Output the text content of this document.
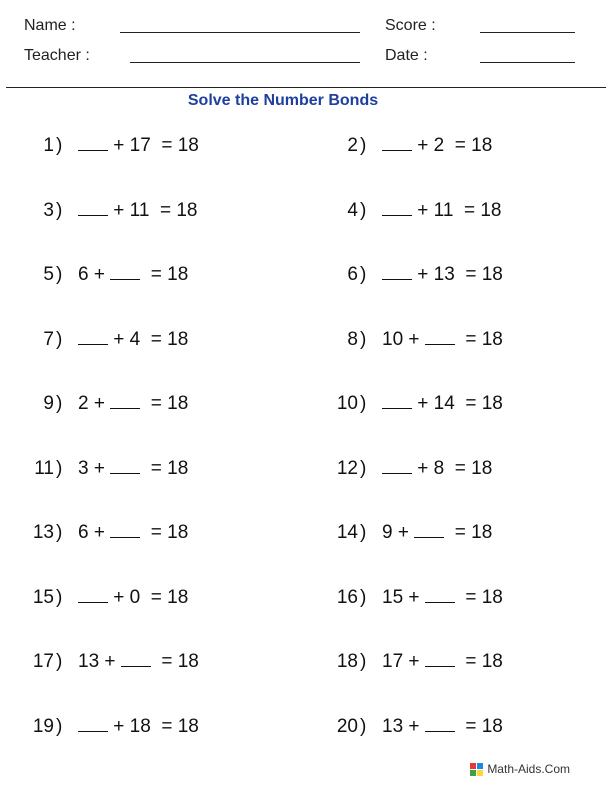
Name :
Teacher :
Score :
Date :
Solve the Number Bonds
1 )	+ 17 = 18	2 )	+ 2 = 18
3 )	+ 11 = 18	4 )	+ 11 = 18
5 ) 6 + = 18	6 )	+ 13 = 18
7 )	+ 4 = 18	8 ) 10 + = 18
9 ) 2 + = 18	10 )	+ 14 = 18
11 ) 3 + = 18	12 )	+ 8 = 18
13 ) 6 + = 18	14 ) 9 + = 18
15 )	+ 0 = 18	16 ) 15 + = 18
17 ) 13 + = 18	18 ) 17 + = 18
19 )	+ 18 = 18	20 ) 13 + = 18
Math-Aids.Com
